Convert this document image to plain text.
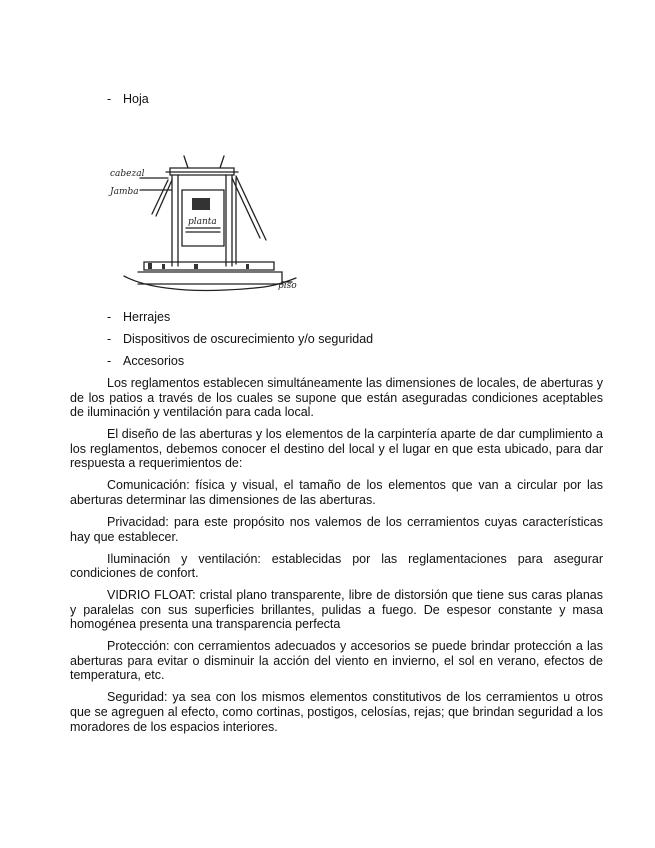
- Hoja
cabezal
Jamba
planta
piso
- Herrajes
- Dispositivos de oscurecimiento y/o seguridad
- Accesorios

Los reglamentos establecen simultáneamente las dimensiones de locales, de aberturas y de los patios a través de los cuales se supone que están aseguradas condiciones aceptables de iluminación y ventilación para cada local.

El diseño de las aberturas y los elementos de la carpintería aparte de dar cumplimiento a los reglamentos, debemos conocer el destino del local y el lugar en que esta ubicado, para dar respuesta a requerimientos de:

Comunicación: física y visual, el tamaño de los elementos que van a circular por las aberturas determinar las dimensiones de las aberturas.

Privacidad: para este propósito nos valemos de los cerramientos cuyas características hay que establecer.

Iluminación y ventilación: establecidas por las reglamentaciones para asegurar condiciones de confort.

VIDRIO FLOAT: cristal plano transparente, libre de distorsión que tiene sus caras planas y paralelas con sus superficies brillantes, pulidas a fuego. De espesor constante y masa homogénea presenta una transparencia perfecta

Protección: con cerramientos adecuados y accesorios se puede brindar protección a las aberturas para evitar o disminuir la acción del viento en invierno, el sol en verano, efectos de temperatura, etc.

Seguridad: ya sea con los mismos elementos constitutivos de los cerramientos u otros que se agreguen al efecto, como cortinas, postigos, celosías, rejas; que brindan seguridad a los moradores de los espacios interiores.
